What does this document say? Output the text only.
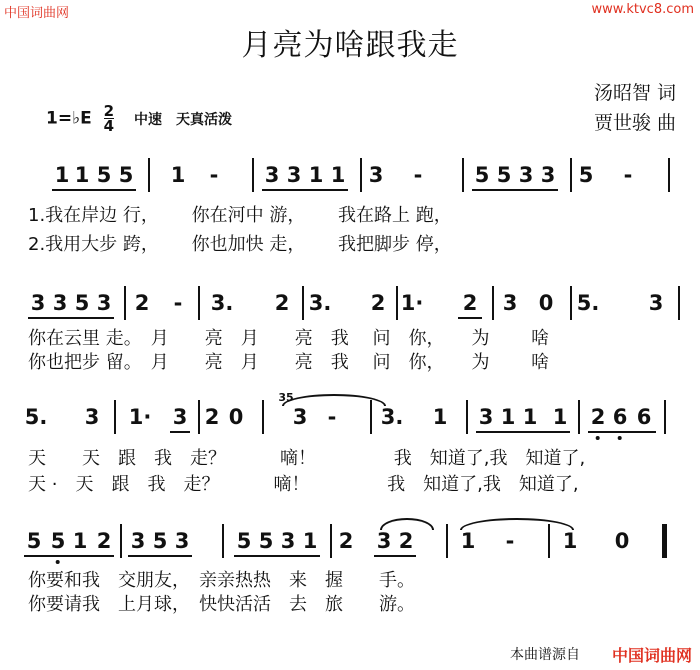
中国词曲网	www.ktvc8.com
月亮为啥跟我走
汤昭智 词
贾世骏 曲
1=♭E $\frac{2}{4}$ 中速　天真活泼
1 1 5 5 1 - 3 3 1 1 3 - 5 5 3 3 5 -
1.我在岸边 行，　　 你在河中 游，　　 我在路上 跑，
2.我用大步 跨，　　 你也加快 走，　　 我把脚步 停，
3 3 5 3 2 - 3. 2 3. 2 1· 2 3 0 5. 3
你在云里 走。　月　　亮　月　　亮　我　 问　你，　　为　　 啥
你也把步 留。　月　　亮　月　　亮　我　 问　你，　　为　　 啥
5. 3 1· 3 2 0
35
3 - 3. 1 3 1 1 1 2 6 6
天　　天　跟　我　走？　　　嘀！　　　　 我　知道了,我　知道了,
天 ·　天　跟　我　走？　　　嘀！　　　　 我　知道了,我　知道了,
5 5 1 2 3 5 3 5 5 3 1 2 3 2 1 - 1 0
你要和我　交朋友，　亲亲热热　来　握　　手。
你要请我　上月球，　快快活活　去　旅　　游。
本曲谱源自 中国词曲网
